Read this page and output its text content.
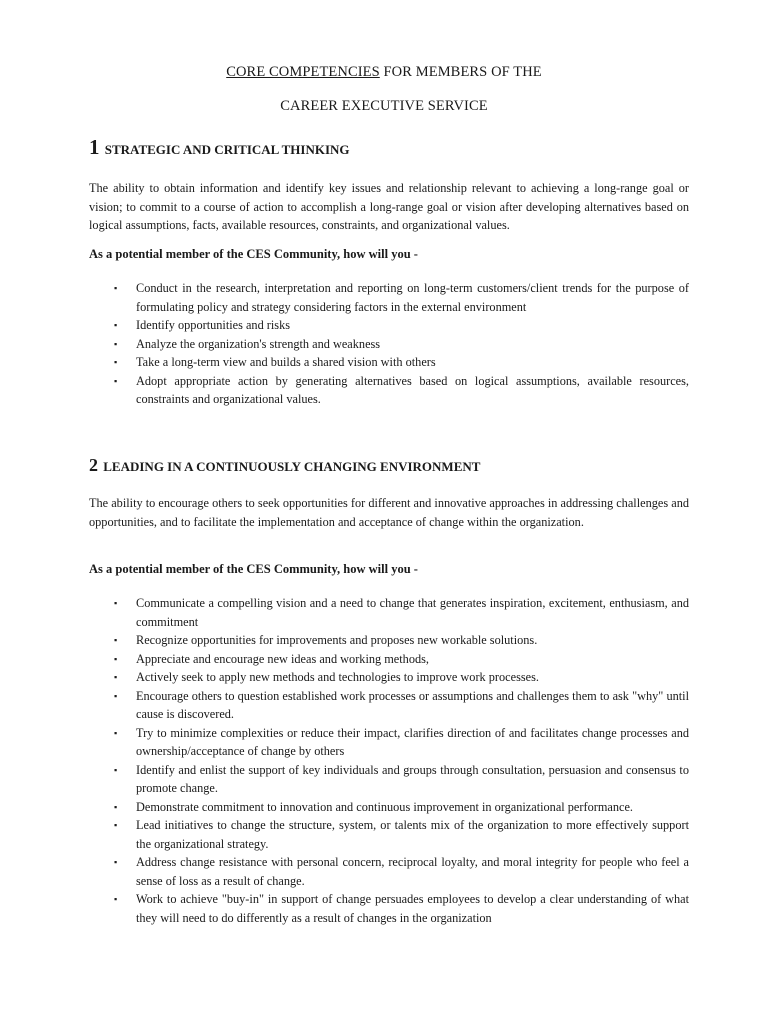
CORE COMPETENCIES FOR MEMBERS OF THE
CAREER EXECUTIVE SERVICE
1 STRATEGIC AND CRITICAL THINKING
The ability to obtain information and identify key issues and relationship relevant to achieving a long-range goal or vision; to commit to a course of action to accomplish a long-range goal or vision after developing alternatives based on logical assumptions, facts, available resources, constraints, and organizational values.
As a potential member of the CES Community, how will you -
▪ Conduct in the research, interpretation and reporting on long-term customers/client trends for the purpose of formulating policy and strategy considering factors in the external environment
▪ Identify opportunities and risks
▪ Analyze the organization's strength and weakness
▪ Take a long-term view and builds a shared vision with others
▪ Adopt appropriate action by generating alternatives based on logical assumptions, available resources, constraints and organizational values.
2 LEADING IN A CONTINUOUSLY CHANGING ENVIRONMENT
The ability to encourage others to seek opportunities for different and innovative approaches in addressing challenges and opportunities, and to facilitate the implementation and acceptance of change within the organization.
As a potential member of the CES Community, how will you -
▪ Communicate a compelling vision and a need to change that generates inspiration, excitement, enthusiasm, and commitment
▪ Recognize opportunities for improvements and proposes new workable solutions.
▪ Appreciate and encourage new ideas and working methods,
▪ Actively seek to apply new methods and technologies to improve work processes.
▪ Encourage others to question established work processes or assumptions and challenges them to ask "why" until cause is discovered.
▪ Try to minimize complexities or reduce their impact, clarifies direction of and facilitates change processes and ownership/acceptance of change by others
▪ Identify and enlist the support of key individuals and groups through consultation, persuasion and consensus to promote change.
▪ Demonstrate commitment to innovation and continuous improvement in organizational performance.
▪ Lead initiatives to change the structure, system, or talents mix of the organization to more effectively support the organizational strategy.
▪ Address change resistance with personal concern, reciprocal loyalty, and moral integrity for people who feel a sense of loss as a result of change.
▪ Work to achieve "buy-in" in support of change persuades employees to develop a clear understanding of what they will need to do differently as a result of changes in the organization
